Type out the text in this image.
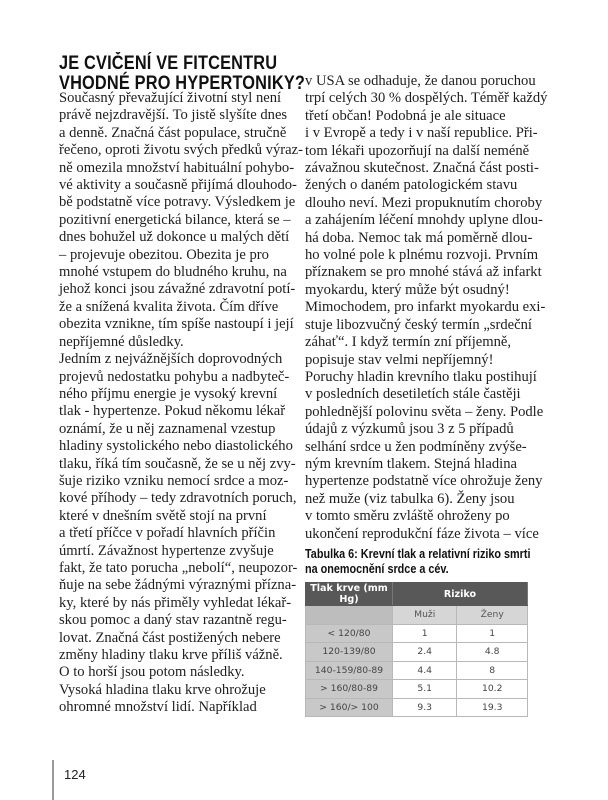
JE CVIČENÍ VE FITCENTRU
VHODNÉ PRO HYPERTONIKY?
Současný převažující životní styl není
právě nejzdravější. To jistě slyšíte dnes
a denně. Značná část populace, stručně
řečeno, oproti životu svých předků výraz-
ně omezila množství habituální pohybo-
vé aktivity a současně přijímá dlouhodo-
bě podstatně více potravy. Výsledkem je
pozitivní energetická bilance, která se –
dnes bohužel už dokonce u malých dětí
– projevuje obezitou. Obezita je pro
mnohé vstupem do bludného kruhu, na
jehož konci jsou závažné zdravotní potí-
že a snížená kvalita života. Čím dříve
obezita vznikne, tím spíše nastoupí i její
nepříjemné důsledky.
Jedním z nejvážnějších doprovodných
projevů nedostatku pohybu a nadbyteč-
ného příjmu energie je vysoký krevní
tlak - hypertenze. Pokud někomu lékař
oznámí, že u něj zaznamenal vzestup
hladiny systolického nebo diastolického
tlaku, říká tím současně, že se u něj zvy-
šuje riziko vzniku nemocí srdce a moz-
kové příhody – tedy zdravotních poruch,
které v dnešním světě stojí na první
a třetí příčce v pořadí hlavních příčin
úmrtí. Závažnost hypertenze zvyšuje
fakt, že tato porucha „nebolí“, neupozor-
ňuje na sebe žádnými výraznými přízna-
ky, které by nás přiměly vyhledat lékař-
skou pomoc a daný stav razantně regu-
lovat. Značná část postižených nebere
změny hladiny tlaku krve příliš vážně.
O to horší jsou potom následky.
Vysoká hladina tlaku krve ohrožuje
ohromné množství lidí. Například
v USA se odhaduje, že danou poruchou
trpí celých 30 % dospělých. Téměř každý
třetí občan! Podobná je ale situace
i v Evropě a tedy i v naší republice. Při-
tom lékaři upozorňují na další neméně
závažnou skutečnost. Značná část posti-
žených o daném patologickém stavu
dlouho neví. Mezi propuknutím choroby
a zahájením léčení mnohdy uplyne dlou-
há doba. Nemoc tak má poměrně dlou-
ho volné pole k plnému rozvoji. Prvním
příznakem se pro mnohé stává až infarkt
myokardu, který může být osudný!
Mimochodem, pro infarkt myokardu exi-
stuje libozvučný český termín „srdeční
záhať“. I když termín zní příjemně,
popisuje stav velmi nepříjemný!
Poruchy hladin krevního tlaku postihují
v posledních desetiletích stále častěji
pohlednější polovinu světa – ženy. Podle
údajů z výzkumů jsou 3 z 5 případů
selhání srdce u žen podmíněny zvýše-
ným krevním tlakem. Stejná hladina
hypertenze podstatně více ohrožuje ženy
než muže (viz tabulka 6). Ženy jsou
v tomto směru zvláště ohroženy po
ukončení reprodukční fáze života – více
Tabulka 6: Krevní tlak a relativní riziko smrti
na onemocnění srdce a cév.
Tlak krve (mm Hg)	Riziko	
	Muži	Ženy
< 120/80	1	1
120-139/80	2.4	4.8
140-159/80-89	4.4	8
> 160/80-89	5.1	10.2
> 160/> 100	9.3	19.3
124
